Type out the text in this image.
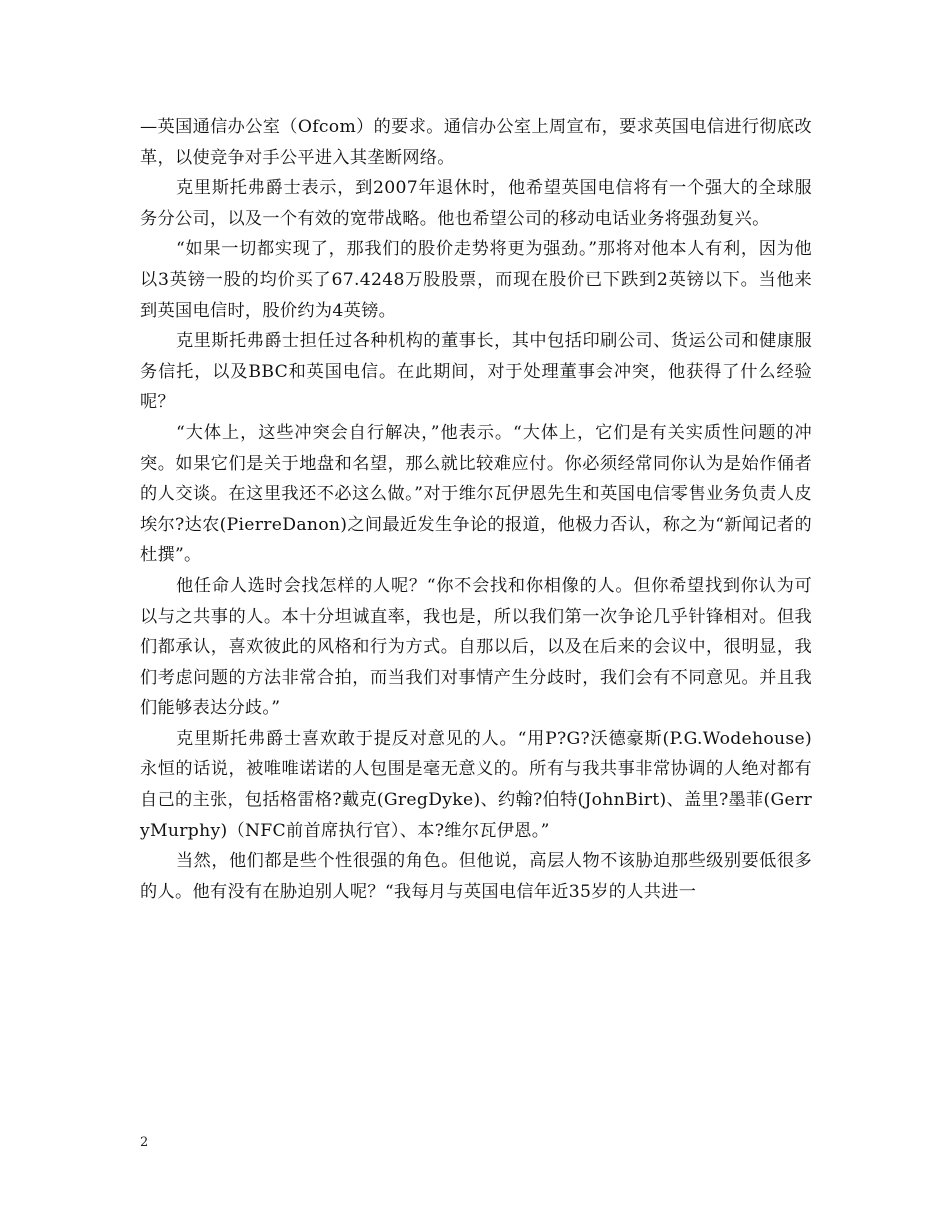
—英国通信办公室（Ofcom）的要求。通信办公室上周宣布，要求英国电信进行彻底改革，以使竞争对手公平进入其垄断网络。

克里斯托弗爵士表示，到2007年退休时，他希望英国电信将有一个强大的全球服务分公司，以及一个有效的宽带战略。他也希望公司的移动电话业务将强劲复兴。

“如果一切都实现了，那我们的股价走势将更为强劲。”那将对他本人有利，因为他以3英镑一股的均价买了67.4248万股股票，而现在股价已下跌到2英镑以下。当他来到英国电信时，股价约为4英镑。

克里斯托弗爵士担任过各种机构的董事长，其中包括印刷公司、货运公司和健康服务信托，以及BBC和英国电信。在此期间，对于处理董事会冲突，他获得了什么经验呢？

“大体上，这些冲突会自行解决，”他表示。“大体上，它们是有关实质性问题的冲突。如果它们是关于地盘和名望，那么就比较难应付。你必须经常同你认为是始作俑者的人交谈。在这里我还不必这么做。”对于维尔瓦伊恩先生和英国电信零售业务负责人皮埃尔?达农(PierreDanon)之间最近发生争论的报道，他极力否认，称之为“新闻记者的杜撰”。

他任命人选时会找怎样的人呢？“你不会找和你相像的人。但你希望找到你认为可以与之共事的人。本十分坦诚直率，我也是，所以我们第一次争论几乎针锋相对。但我们都承认，喜欢彼此的风格和行为方式。自那以后，以及在后来的会议中，很明显，我们考虑问题的方法非常合拍，而当我们对事情产生分歧时，我们会有不同意见。并且我们能够表达分歧。”

克里斯托弗爵士喜欢敢于提反对意见的人。“用P?G?沃德豪斯(P.G.Wodehouse)永恒的话说，被唯唯诺诺的人包围是毫无意义的。所有与我共事非常协调的人绝对都有自己的主张，包括格雷格?戴克(GregDyke)、约翰?伯特(JohnBirt)、盖里?墨菲(GerryMurphy)（NFC前首席执行官）、本?维尔瓦伊恩。”

当然，他们都是些个性很强的角色。但他说，高层人物不该胁迫那些级别要低很多的人。他有没有在胁迫别人呢？“我每月与英国电信年近35岁的人共进一

2
